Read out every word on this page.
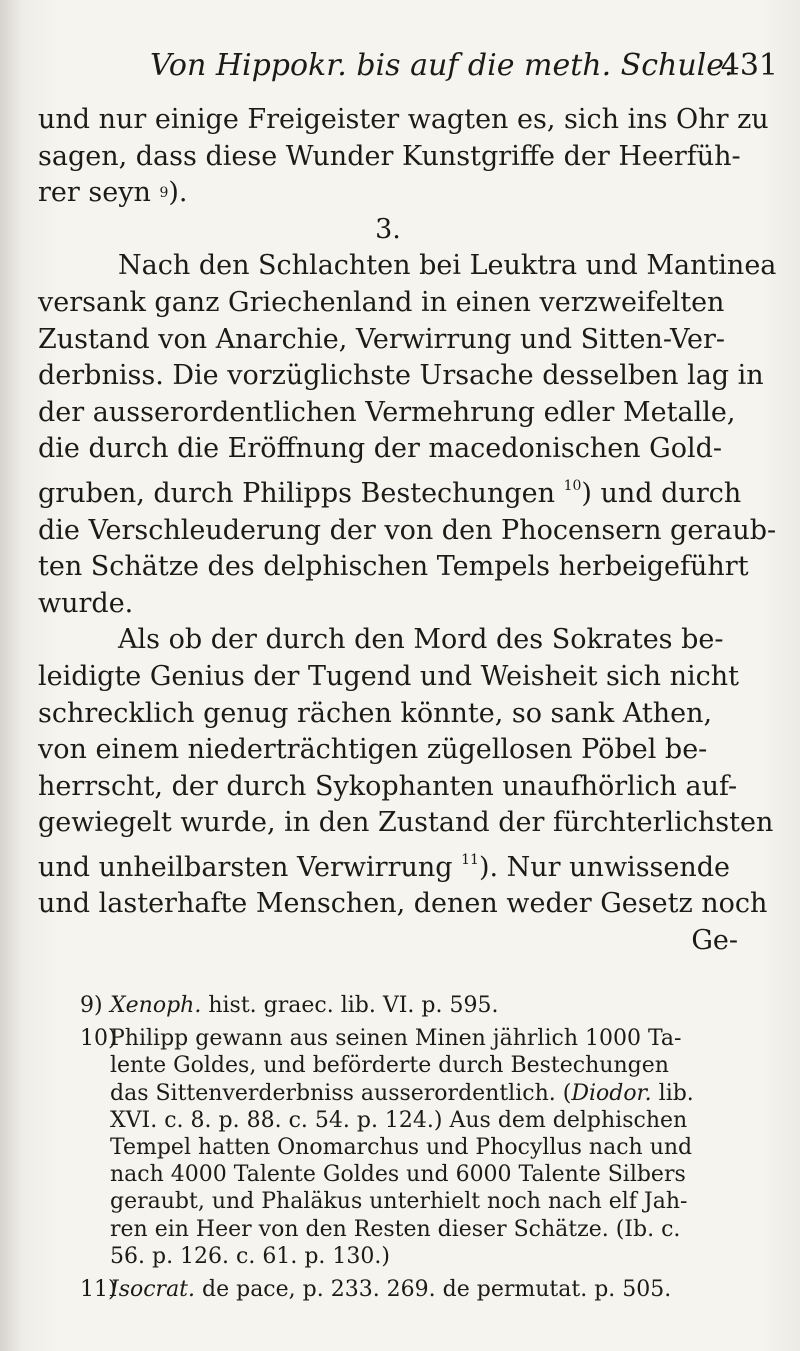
Von Hippokr. bis auf die meth. Schule.
431
und nur einige Freigeister wagten es, sich ins Ohr zu
sagen, dass diese Wunder Kunstgriffe der Heerfüh-
rer seyn
9 ).
3.
Nach den Schlachten bei Leuktra und Mantinea
versank ganz Griechenland in einen verzweifelten
Zustand von Anarchie, Verwirrung und Sitten-Ver-
derbniss. Die vorzüglichste Ursache desselben lag in
der ausserordentlichen Vermehrung edler Metalle,
die durch die Eröffnung der macedonischen Gold-
gruben, durch Philipps Bestechungen $^{10}$) und durch
die Verschleuderung der von den Phocensern geraub-
ten Schätze des delphischen Tempels herbeigeführt
wurde.
Als ob der durch den Mord des Sokrates be-
leidigte Genius der Tugend und Weisheit sich nicht
schrecklich genug rächen könnte, so sank Athen,
von einem niederträchtigen zügellosen Pöbel be-
herrscht, der durch Sykophanten unaufhörlich auf-
gewiegelt wurde, in den Zustand der fürchterlichsten
und unheilbarsten Verwirrung $^{11}$). Nur unwissende
und lasterhafte Menschen, denen weder Gesetz noch
Ge-
9) Xenoph. hist. graec. lib. VI. p. 595.
10)
Philipp gewann aus seinen Minen jährlich 1000 Ta-
lente Goldes, und beförderte durch Bestechungen
das Sittenverderbniss ausserordentlich. (Diodor. lib.
XVI. c. 8. p. 88. c. 54. p. 124.) Aus dem delphischen
Tempel hatten Onomarchus und Phocyllus nach und
nach 4000 Talente Goldes und 6000 Talente Silbers
geraubt, und Phaläkus unterhielt noch nach elf Jah-
ren ein Heer von den Resten dieser Schätze. (Ib. c.
56. p. 126. c. 61. p. 130.)
11)
Isocrat. de pace, p. 233. 269. de permutat. p. 505.
